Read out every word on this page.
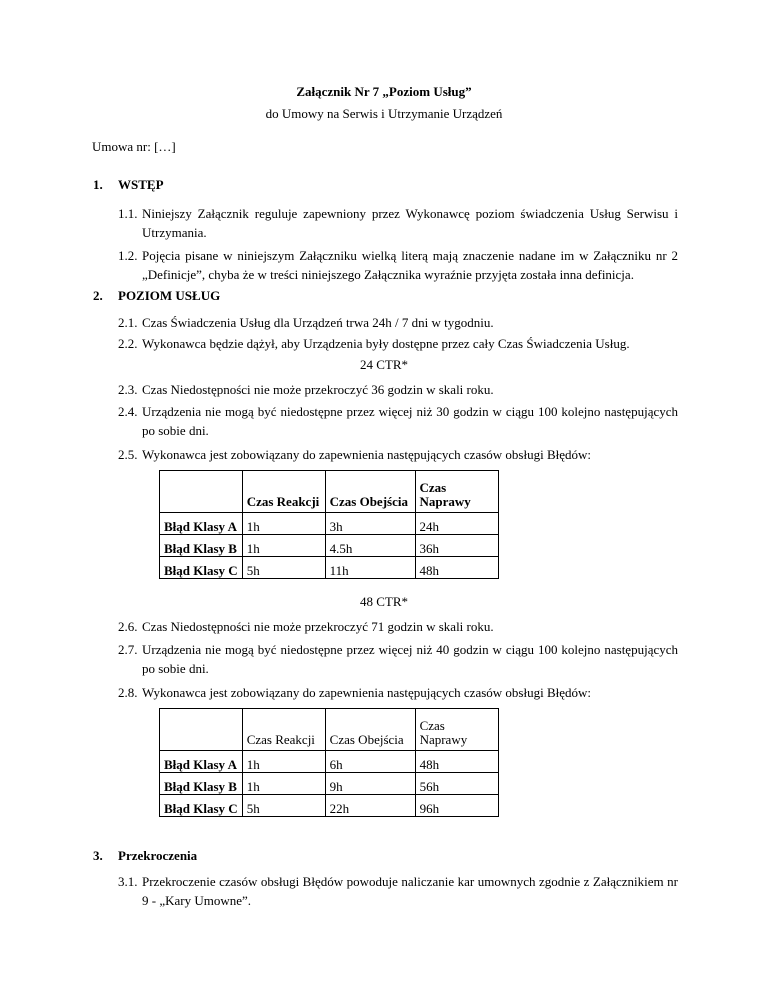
Załącznik Nr 7 „Poziom Usług”
do Umowy na Serwis i Utrzymanie Urządzeń
Umowa nr: […]
1. WSTĘP
1.1. Niniejszy Załącznik reguluje zapewniony przez Wykonawcę poziom świadczenia Usług Serwisu i Utrzymania.
1.2. Pojęcia pisane w niniejszym Załączniku wielką literą mają znaczenie nadane im w Załączniku nr 2 „Definicje”, chyba że w treści niniejszego Załącznika wyraźnie przyjęta została inna definicja.
2. POZIOM USŁUG
2.1. Czas Świadczenia Usług dla Urządzeń trwa 24h / 7 dni w tygodniu.
2.2. Wykonawca będzie dążył, aby Urządzenia były dostępne przez cały Czas Świadczenia Usług.
24 CTR*
2.3. Czas Niedostępności nie może przekroczyć 36 godzin w skali roku.
2.4. Urządzenia nie mogą być niedostępne przez więcej niż 30 godzin w ciągu 100 kolejno następujących po sobie dni.
2.5. Wykonawca jest zobowiązany do zapewnienia następujących czasów obsługi Błędów:
	Czas Reakcji	Czas Obejścia	Czas Naprawy
Błąd Klasy A	1h	3h	24h
Błąd Klasy B	1h	4.5h	36h
Błąd Klasy C	5h	11h	48h
48 CTR*
2.6. Czas Niedostępności nie może przekroczyć 71 godzin w skali roku.
2.7. Urządzenia nie mogą być niedostępne przez więcej niż 40 godzin w ciągu 100 kolejno następujących po sobie dni.
2.8. Wykonawca jest zobowiązany do zapewnienia następujących czasów obsługi Błędów:
	Czas Reakcji	Czas Obejścia	Czas Naprawy
Błąd Klasy A	1h	6h	48h
Błąd Klasy B	1h	9h	56h
Błąd Klasy C	5h	22h	96h
3. Przekroczenia
3.1. Przekroczenie czasów obsługi Błędów powoduje naliczanie kar umownych zgodnie z Załącznikiem nr 9 - „Kary Umowne”.
